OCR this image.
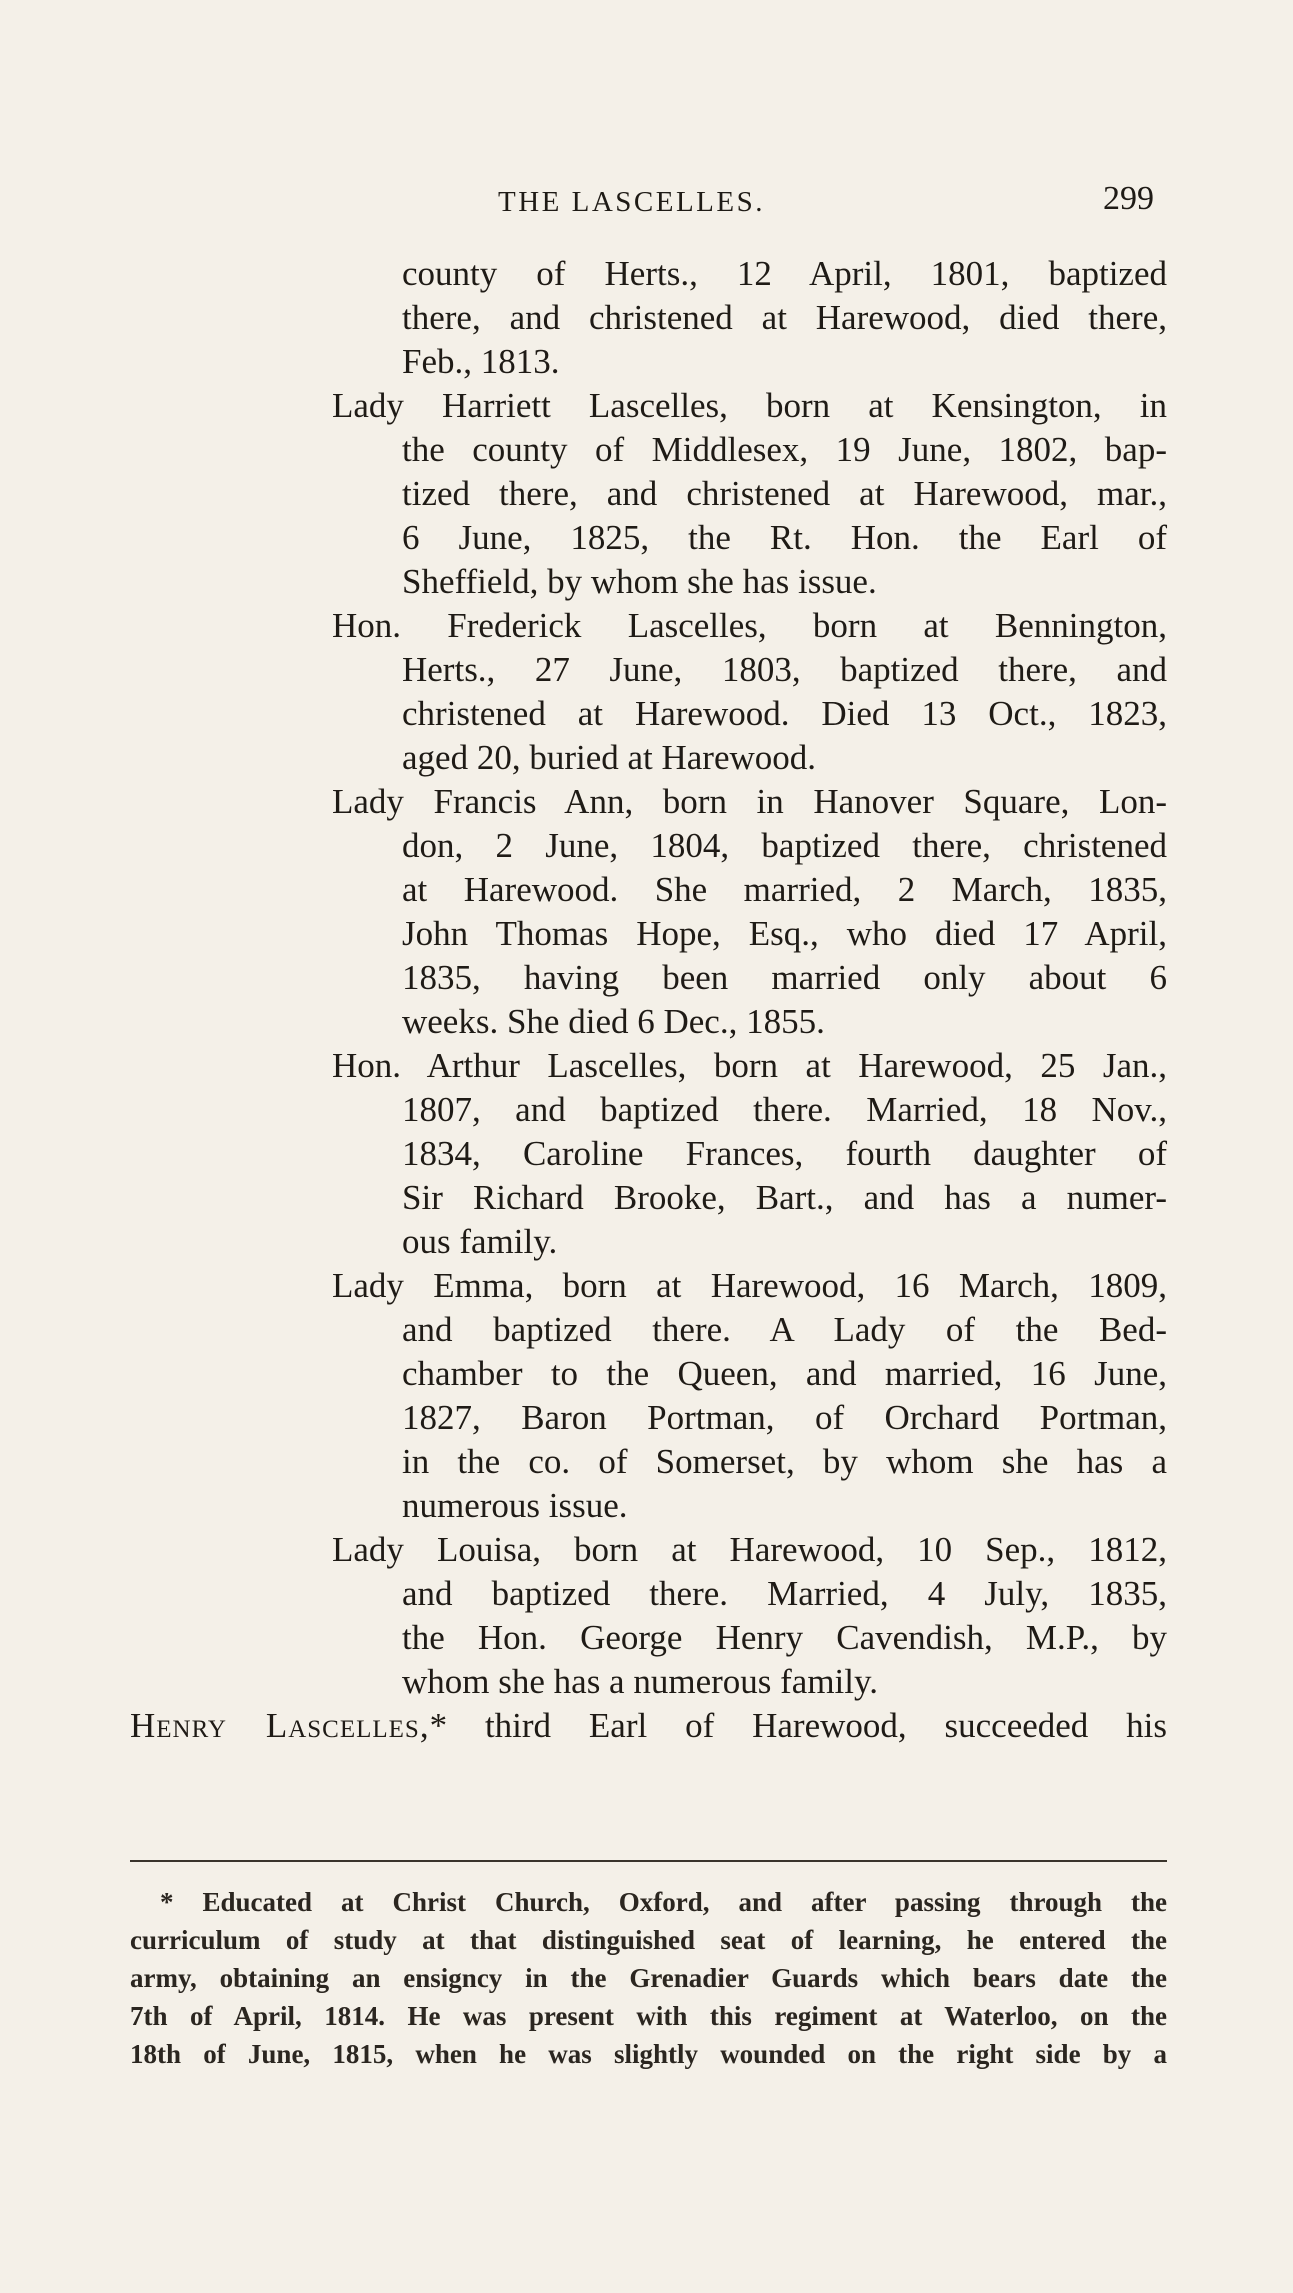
THE LASCELLES.	299
county of Herts., 12 April, 1801, baptized
there, and christened at Harewood, died there,
Feb., 1813.
Lady Harriett Lascelles, born at Kensington, in
the county of Middlesex, 19 June, 1802, bap-
tized there, and christened at Harewood, mar.,
6 June, 1825, the Rt. Hon. the Earl of
Sheffield, by whom she has issue.
Hon. Frederick Lascelles, born at Bennington,
Herts., 27 June, 1803, baptized there, and
christened at Harewood. Died 13 Oct., 1823,
aged 20, buried at Harewood.
Lady Francis Ann, born in Hanover Square, Lon-
don, 2 June, 1804, baptized there, christened
at Harewood. She married, 2 March, 1835,
John Thomas Hope, Esq., who died 17 April,
1835, having been married only about 6
weeks. She died 6 Dec., 1855.
Hon. Arthur Lascelles, born at Harewood, 25 Jan.,
1807, and baptized there. Married, 18 Nov.,
1834, Caroline Frances, fourth daughter of
Sir Richard Brooke, Bart., and has a numer-
ous family.
Lady Emma, born at Harewood, 16 March, 1809,
and baptized there. A Lady of the Bed-
chamber to the Queen, and married, 16 June,
1827, Baron Portman, of Orchard Portman,
in the co. of Somerset, by whom she has a
numerous issue.
Lady Louisa, born at Harewood, 10 Sep., 1812,
and baptized there. Married, 4 July, 1835,
the Hon. George Henry Cavendish, M.P., by
whom she has a numerous family.
Henry Lascelles,* third Earl of Harewood, succeeded his
* Educated at Christ Church, Oxford, and after passing through the
curriculum of study at that distinguished seat of learning, he entered the
army, obtaining an ensigncy in the Grenadier Guards which bears date the
7th of April, 1814. He was present with this regiment at Waterloo, on the
18th of June, 1815, when he was slightly wounded on the right side by a
